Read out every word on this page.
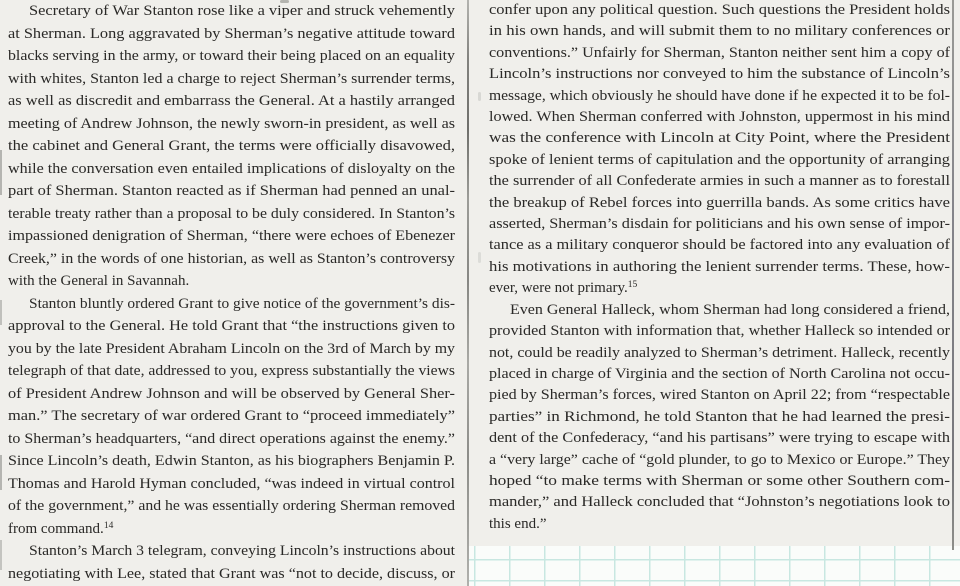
Secretary of War Stanton rose like a viper and struck vehemently
at Sherman. Long aggravated by Sherman’s negative attitude toward
blacks serving in the army, or toward their being placed on an equality
with whites, Stanton led a charge to reject Sherman’s surrender terms,
as well as discredit and embarrass the General. At a hastily arranged
meeting of Andrew Johnson, the newly sworn-in president, as well as
the cabinet and General Grant, the terms were officially disavowed,
while the conversation even entailed implications of disloyalty on the
part of Sherman. Stanton reacted as if Sherman had penned an unal-
terable treaty rather than a proposal to be duly considered. In Stanton’s
impassioned denigration of Sherman, “there were echoes of Ebenezer
Creek,” in the words of one historian, as well as Stanton’s controversy
with the General in Savannah.
Stanton bluntly ordered Grant to give notice of the government’s dis-
approval to the General. He told Grant that “the instructions given to
you by the late President Abraham Lincoln on the 3rd of March by my
telegraph of that date, addressed to you, express substantially the views
of President Andrew Johnson and will be observed by General Sher-
man.” The secretary of war ordered Grant to “proceed immediately”
to Sherman’s headquarters, “and direct operations against the enemy.”
Since Lincoln’s death, Edwin Stanton, as his biographers Benjamin P.
Thomas and Harold Hyman concluded, “was indeed in virtual control
of the government,” and he was essentially ordering Sherman removed
from command.$^{14}$
Stanton’s March 3 telegram, conveying Lincoln’s instructions about
negotiating with Lee, stated that Grant was “not to decide, discuss, or
confer upon any political question. Such questions the President holds
in his own hands, and will submit them to no military conferences or
conventions.” Unfairly for Sherman, Stanton neither sent him a copy of
Lincoln’s instructions nor conveyed to him the substance of Lincoln’s
message, which obviously he should have done if he expected it to be fol-
lowed. When Sherman conferred with Johnston, uppermost in his mind
was the conference with Lincoln at City Point, where the President
spoke of lenient terms of capitulation and the opportunity of arranging
the surrender of all Confederate armies in such a manner as to forestall
the breakup of Rebel forces into guerrilla bands. As some critics have
asserted, Sherman’s disdain for politicians and his own sense of impor-
tance as a military conqueror should be factored into any evaluation of
his motivations in authoring the lenient surrender terms. These, how-
ever, were not primary.$^{15}$
Even General Halleck, whom Sherman had long considered a friend,
provided Stanton with information that, whether Halleck so intended or
not, could be readily analyzed to Sherman’s detriment. Halleck, recently
placed in charge of Virginia and the section of North Carolina not occu-
pied by Sherman’s forces, wired Stanton on April 22; from “respectable
parties” in Richmond, he told Stanton that he had learned the presi-
dent of the Confederacy, “and his partisans” were trying to escape with
a “very large” cache of “gold plunder, to go to Mexico or Europe.” They
hoped “to make terms with Sherman or some other Southern com-
mander,” and Halleck concluded that “Johnston’s negotiations look to
this end.”
